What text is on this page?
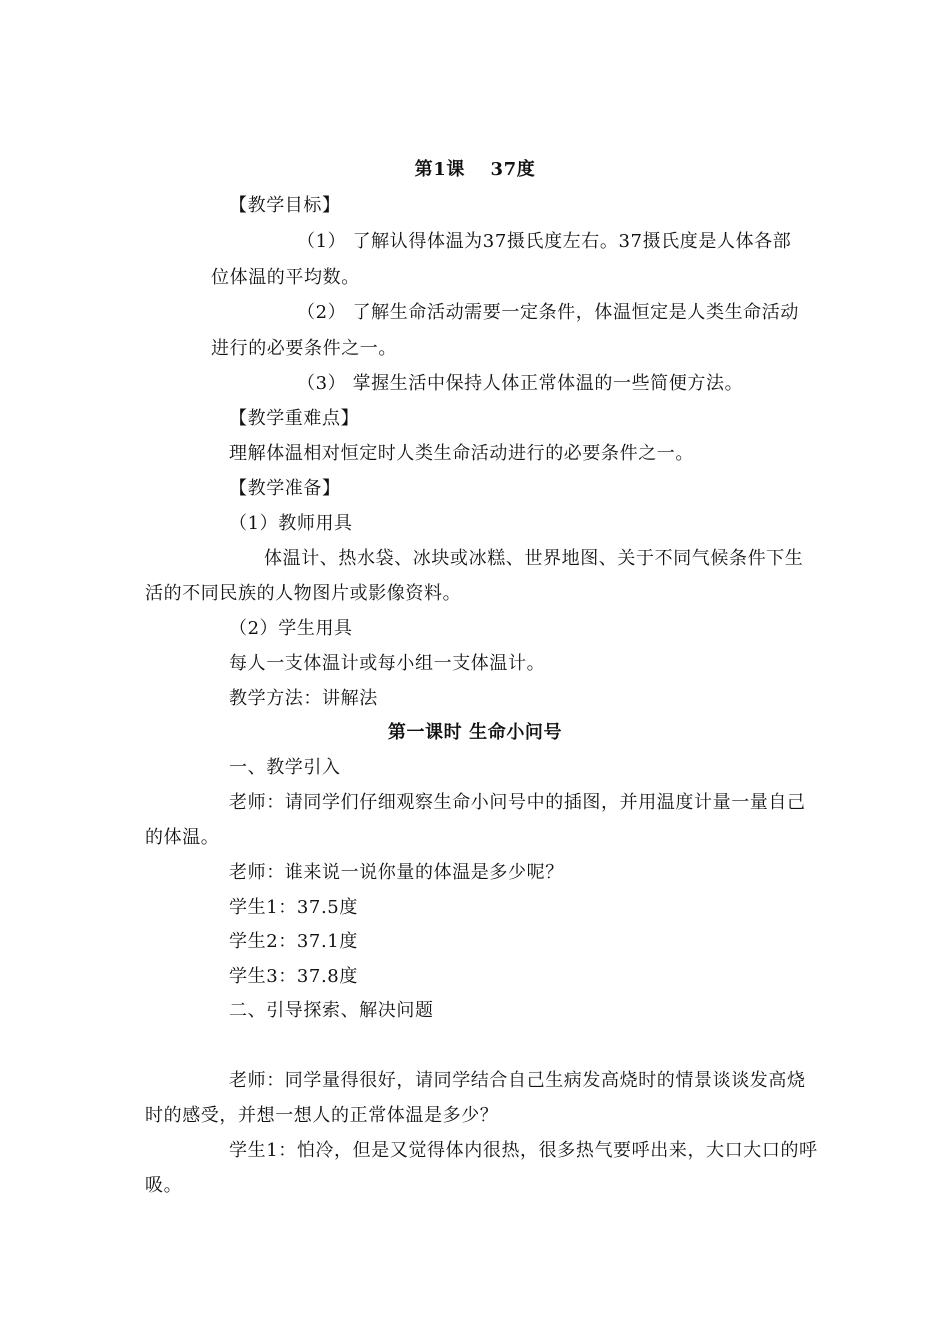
第1课　 37度
【教学目标】
（1） 了解认得体温为37摄氏度左右。37摄氏度是人体各部
位体温的平均数。
（2） 了解生命活动需要一定条件，体温恒定是人类生命活动
进行的必要条件之一。
（3） 掌握生活中保持人体正常体温的一些简便方法。
【教学重难点】
理解体温相对恒定时人类生命活动进行的必要条件之一。
【教学准备】
（1）教师用具
体温计、热水袋、冰块或冰糕、世界地图、关于不同气候条件下生
活的不同民族的人物图片或影像资料。
（2）学生用具
每人一支体温计或每小组一支体温计。
教学方法：讲解法
第一课时 生命小问号
一、教学引入
老师：请同学们仔细观察生命小问号中的插图，并用温度计量一量自己
的体温。
老师：谁来说一说你量的体温是多少呢？
学生1：37.5度
学生2：37.1度
学生3：37.8度
二、引导探索、解决问题
老师：同学量得很好，请同学结合自己生病发高烧时的情景谈谈发高烧
时的感受，并想一想人的正常体温是多少？
学生1：怕冷，但是又觉得体内很热，很多热气要呼出来，大口大口的呼
吸。
